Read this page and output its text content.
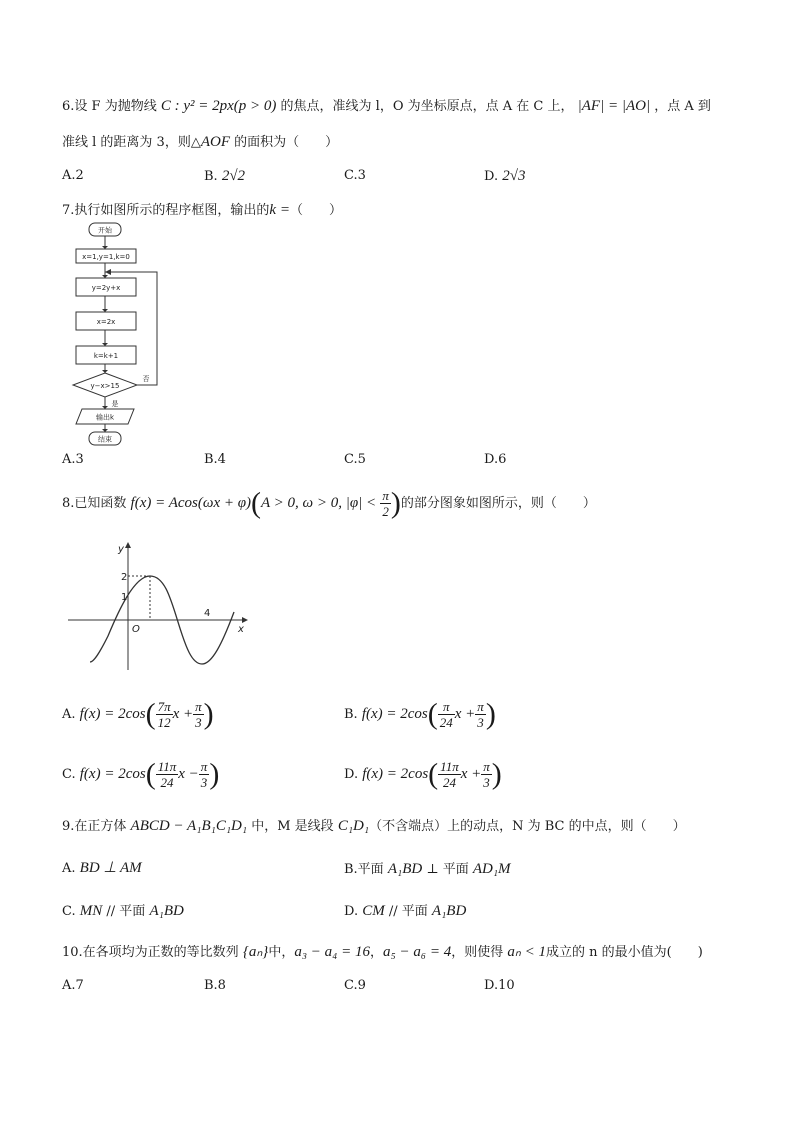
6.设 F 为抛物线 C : y² = 2px(p > 0) 的焦点，准线为 l，O 为坐标原点，点 A 在 C 上， |AF| = |AO| ，点 A 到
准线 l 的距离为 3，则△AOF 的面积为（　　）
A.2	B. 2√2	C.3	D. 2√3
7.执行如图所示的程序框图，输出的k =（　　）
开始
x=1,y=1,k=0
y=2y+x
x=2x
k=k+1
y−x>15
否
是
输出k
结束
A.3	B.4	C.5	D.6
8.已知函数 f(x) = Acos(ωx + φ)(A > 0, ω > 0, $|\varphi| < \frac{\pi}{2}$ )的部分图象如图所示，则（　　）
y
x
O
2
1
4
A. $f(x) = 2\cos( \frac{7\pi}{12}$ $x + \frac{\pi}{3}$ )	B. $f(x) = 2\cos( \frac{\pi}{24}$ $x + \frac{\pi}{3}$ )
C. $f(x) = 2\cos( \frac{11\pi}{24}$ $x - \frac{\pi}{3}$ )	D. $f(x) = 2\cos( \frac{11\pi}{24}$ $x + \frac{\pi}{3}$ )
9.在正方体 ABCD − A₁B₁C₁D₁ 中，M 是线段 C₁D₁（不含端点）上的动点，N 为 BC 的中点，则（　　）
A. BD ⊥ AM	B.平面 A₁BD ⊥ 平面 AD₁M
C. MN // 平面 A₁BD	D. CM // 平面 A₁BD
10.在各项均为正数的等比数列 {aₙ}中，a₃ − a₄ = 16，a₅ − a₆ = 4，则使得 aₙ < 1成立的 n 的最小值为(　　)
A.7	B.8	C.9	D.10
